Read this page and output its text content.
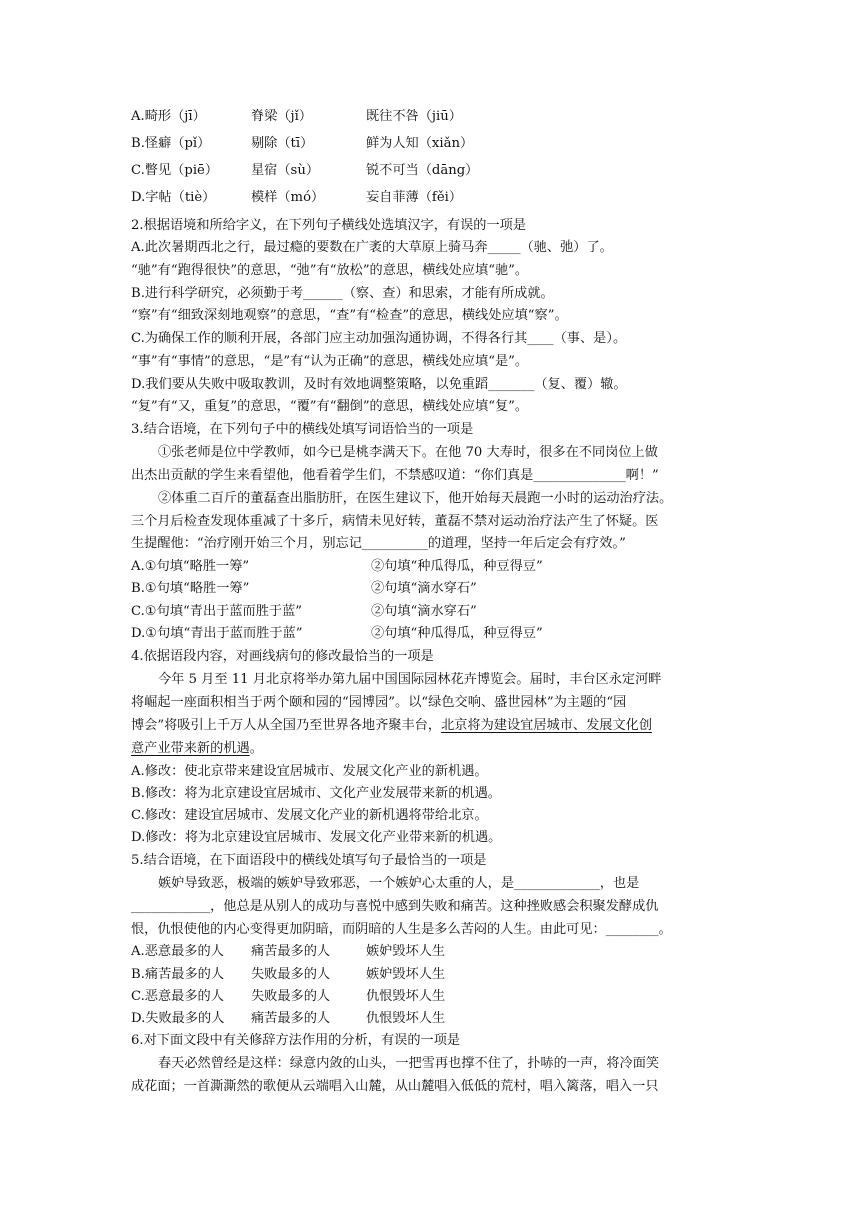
A.畸形（jī）	脊梁（jǐ）	既往不咎（jiū）
B.怪癖（pǐ）	剔除（tī）	鲜为人知（xiǎn）
C.瞥见（piē） 星宿（sù）	锐不可当（dāng）
D.字帖（tiè）	模样（mó）	妄自菲薄（fěi）
2.根据语境和所给字义，在下列句子横线处选填汉字，有误的一项是
A.此次暑期西北之行，最过瘾的要数在广袤的大草原上骑马奔_____（驰、弛）了。
“驰”有“跑得很快”的意思，“弛”有“放松”的意思，横线处应填“驰”。
B.进行科学研究，必须勤于考______（察、查）和思索，才能有所成就。
“察”有“细致深刻地观察”的意思，“查”有“检查”的意思，横线处应填“察”。
C.为确保工作的顺利开展，各部门应主动加强沟通协调，不得各行其____（事、是）。
“事”有“事情”的意思，“是”有“认为正确”的意思，横线处应填“是”。
D.我们要从失败中吸取教训，及时有效地调整策略，以免重蹈_______（复、覆）辙。
“复”有“又，重复”的意思，“覆”有“翻倒”的意思，横线处应填“复”。
3.结合语境，在下列句子中的横线处填写词语恰当的一项是
①张老师是位中学教师，如今已是桃李满天下。在他 70 大寿时，很多在不同岗位上做
出杰出贡献的学生来看望他，他看着学生们，不禁感叹道：“你们真是______________啊！”
②体重二百斤的董磊查出脂肪肝，在医生建议下，他开始每天晨跑一小时的运动治疗法。
三个月后检查发现体重减了十多斤，病情未见好转，董磊不禁对运动治疗法产生了怀疑。医
生提醒他：“治疗刚开始三个月，别忘记__________的道理，坚持一年后定会有疗效。”
A.①句填“略胜一筹”	②句填“种瓜得瓜，种豆得豆”
B.①句填“略胜一筹”	②句填“滴水穿石”
C.①句填“青出于蓝而胜于蓝”	②句填“滴水穿石”
D.①句填“青出于蓝而胜于蓝”	②句填“种瓜得瓜，种豆得豆”
4.依据语段内容，对画线病句的修改最恰当的一项是
今年 5 月至 11 月北京将举办第九届中国国际园林花卉博览会。届时，丰台区永定河畔
将崛起一座面积相当于两个颐和园的“园博园”。以“绿色交响、盛世园林”为主题的“园
博会”将吸引上千万人从全国乃至世界各地齐聚丰台，北京将为建设宜居城市、发展文化创
意产业带来新的机遇。
A.修改：使北京带来建设宜居城市、发展文化产业的新机遇。
B.修改：将为北京建设宜居城市、文化产业发展带来新的机遇。
C.修改：建设宜居城市、发展文化产业的新机遇将带给北京。
D.修改：将为北京建设宜居城市、发展文化产业带来新的机遇。
5.结合语境，在下面语段中的横线处填写句子最恰当的一项是
嫉妒导致恶，极端的嫉妒导致邪恶，一个嫉妒心太重的人，是_____________，也是
____________，他总是从别人的成功与喜悦中感到失败和痛苦。这种挫败感会积聚发酵成仇
恨，仇恨使他的内心变得更加阴暗，而阴暗的人生是多么苦闷的人生。由此可见：________。
A.恶意最多的人 痛苦最多的人	嫉妒毁坏人生
B.痛苦最多的人 失败最多的人	嫉妒毁坏人生
C.恶意最多的人 失败最多的人	仇恨毁坏人生
D.失败最多的人 痛苦最多的人	仇恨毁坏人生
6.对下面文段中有关修辞方法作用的分析，有误的一项是
春天必然曾经是这样：绿意内敛的山头，一把雪再也撑不住了，扑哧的一声，将冷面笑
成花面；一首澌澌然的歌便从云端唱入山麓，从山麓唱入低低的荒村，唱入篱落，唱入一只
